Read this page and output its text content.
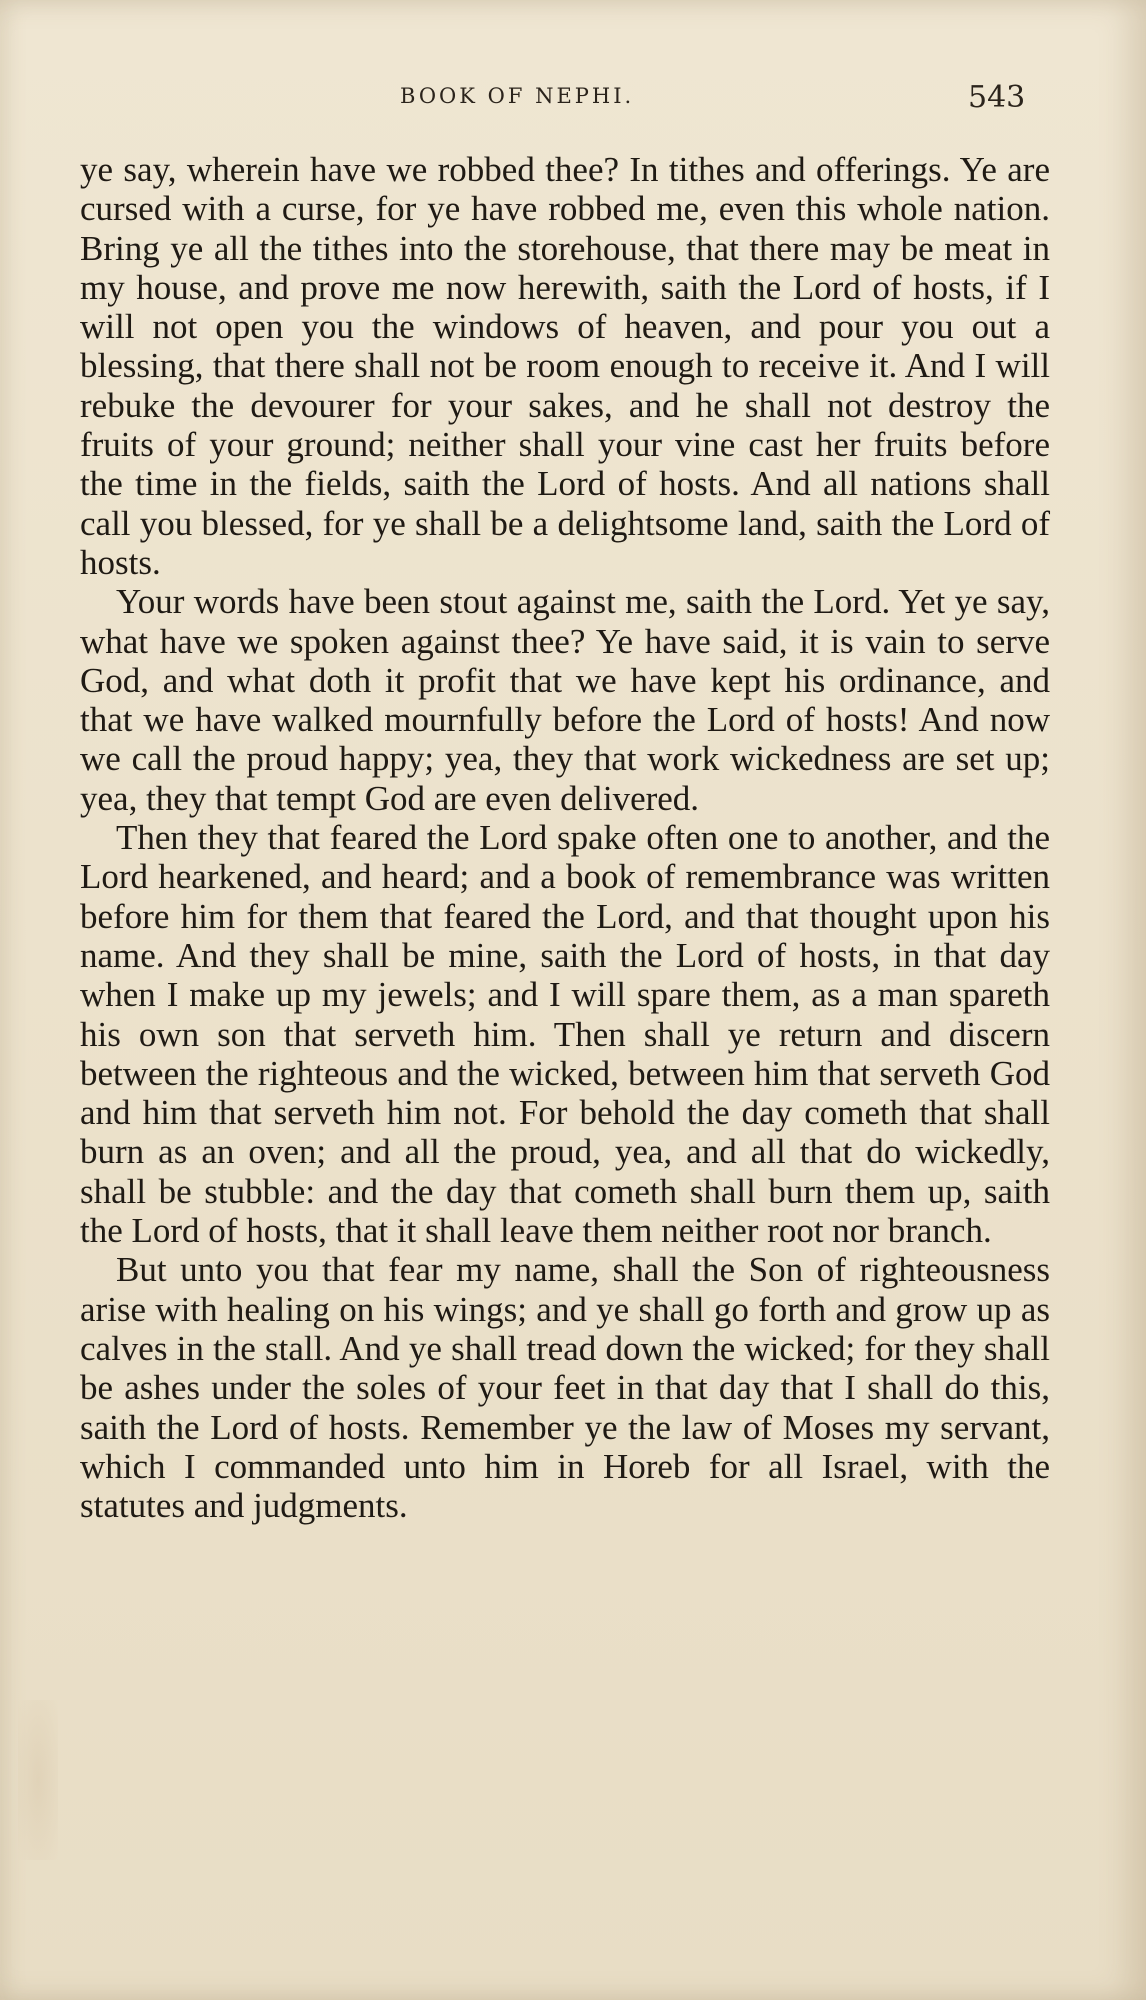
BOOK OF NEPHI.	543

ye say, wherein have we robbed thee? In tithes and offerings. Ye are cursed with a curse, for ye have robbed me, even this whole nation. Bring ye all the tithes into the storehouse, that there may be meat in my house, and prove me now herewith, saith the Lord of hosts, if I will not open you the windows of heaven, and pour you out a blessing, that there shall not be room enough to receive it. And I will rebuke the devourer for your sakes, and he shall not destroy the fruits of your ground; neither shall your vine cast her fruits before the time in the fields, saith the Lord of hosts. And all nations shall call you blessed, for ye shall be a delightsome land, saith the Lord of hosts.

Your words have been stout against me, saith the Lord. Yet ye say, what have we spoken against thee? Ye have said, it is vain to serve God, and what doth it profit that we have kept his ordinance, and that we have walked mournfully before the Lord of hosts! And now we call the proud happy; yea, they that work wickedness are set up; yea, they that tempt God are even delivered.

Then they that feared the Lord spake often one to another, and the Lord hearkened, and heard; and a book of remembrance was written before him for them that feared the Lord, and that thought upon his name. And they shall be mine, saith the Lord of hosts, in that day when I make up my jewels; and I will spare them, as a man spareth his own son that serveth him. Then shall ye return and discern between the righteous and the wicked, between him that serveth God and him that serveth him not. For behold the day cometh that shall burn as an oven; and all the proud, yea, and all that do wickedly, shall be stubble: and the day that cometh shall burn them up, saith the Lord of hosts, that it shall leave them neither root nor branch.

But unto you that fear my name, shall the Son of righteousness arise with healing on his wings; and ye shall go forth and grow up as calves in the stall. And ye shall tread down the wicked; for they shall be ashes under the soles of your feet in that day that I shall do this, saith the Lord of hosts. Remember ye the law of Moses my servant, which I commanded unto him in Horeb for all Israel, with the statutes and judgments.
